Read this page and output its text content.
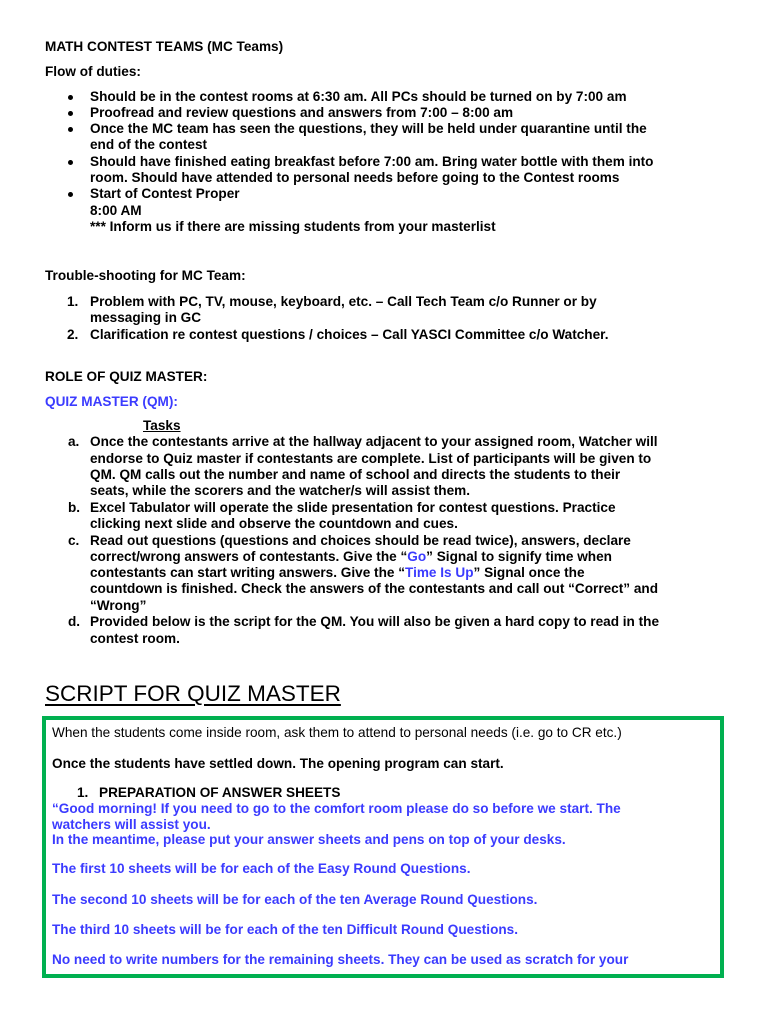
MATH CONTEST TEAMS (MC Teams)
Flow of duties:
Should be in the contest rooms at 6:30 am. All PCs should be turned on by 7:00 am
Proofread and review questions and answers from 7:00 – 8:00 am
Once the MC team has seen the questions, they will be held under quarantine until the
end of the contest
Should have finished eating breakfast before 7:00 am. Bring water bottle with them into
room. Should have attended to personal needs before going to the Contest rooms
Start of Contest Proper
8:00 AM
*** Inform us if there are missing students from your masterlist
Trouble-shooting for MC Team:
1. Problem with PC, TV, mouse, keyboard, etc. – Call Tech Team c/o Runner or by
messaging in GC
2. Clarification re contest questions / choices – Call YASCI Committee c/o Watcher.
ROLE OF QUIZ MASTER:
QUIZ MASTER (QM):
Tasks
a. Once the contestants arrive at the hallway adjacent to your assigned room, Watcher will
endorse to Quiz master if contestants are complete. List of participants will be given to
QM. QM calls out the number and name of school and directs the students to their
seats, while the scorers and the watcher/s will assist them.
b. Excel Tabulator will operate the slide presentation for contest questions. Practice
clicking next slide and observe the countdown and cues.
c. Read out questions (questions and choices should be read twice), answers, declare
correct/wrong answers of contestants. Give the “Go” Signal to signify time when
contestants can start writing answers. Give the “Time Is Up” Signal once the
countdown is finished. Check the answers of the contestants and call out “Correct” and
“Wrong”
d. Provided below is the script for the QM. You will also be given a hard copy to read in the
contest room.
SCRIPT FOR QUIZ MASTER
When the students come inside room, ask them to attend to personal needs (i.e. go to CR etc.)
Once the students have settled down. The opening program can start.
1. PREPARATION OF ANSWER SHEETS
“Good morning! If you need to go to the comfort room please do so before we start. The
watchers will assist you.
In the meantime, please put your answer sheets and pens on top of your desks.
The first 10 sheets will be for each of the Easy Round Questions.
The second 10 sheets will be for each of the ten Average Round Questions.
The third 10 sheets will be for each of the ten Difficult Round Questions.
No need to write numbers for the remaining sheets. They can be used as scratch for your
